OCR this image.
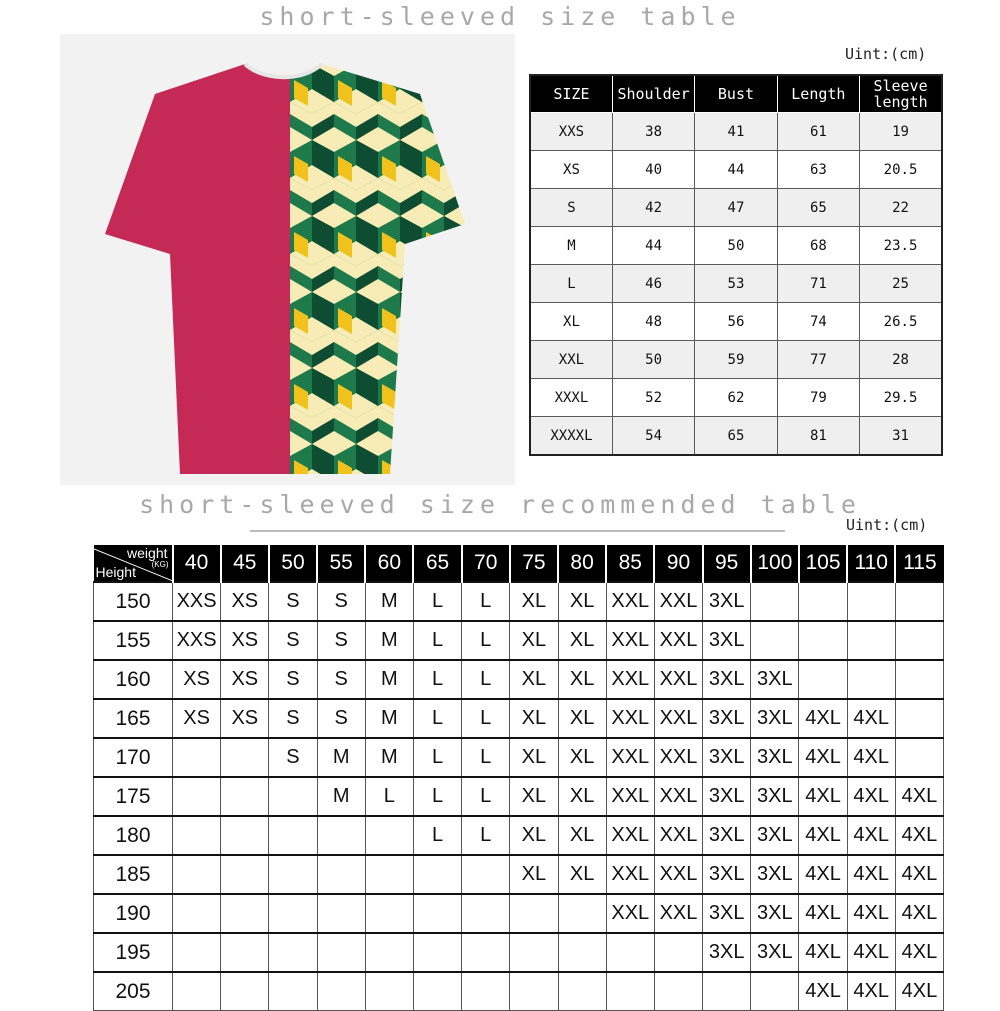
short-sleeved size table
Uint:(cm)
SIZE	Shoulder	Bust	Length	Sleeve length
XXS	38	41	61	19
XS	40	44	63	20.5
S	42	47	65	22
M	44	50	68	23.5
L	46	53	71	25
XL	48	56	74	26.5
XXL	50	59	77	28
XXXL	52	62	79	29.5
XXXXL	54	65	81	31
short-sleeved size recommended table
Uint:(cm)
weight
(KG)
Height	40	45	50	55	60	65	70	75	80	85	90	95	100	105	110	115
150	XXS	XS	S	S	M	L	L	XL	XL	XXL	XXL	3XL				
155	XXS	XS	S	S	M	L	L	XL	XL	XXL	XXL	3XL				
160	XS	XS	S	S	M	L	L	XL	XL	XXL	XXL	3XL	3XL			
165	XS	XS	S	S	M	L	L	XL	XL	XXL	XXL	3XL	3XL	4XL	4XL	
170			S	M	M	L	L	XL	XL	XXL	XXL	3XL	3XL	4XL	4XL	
175				M	L	L	L	XL	XL	XXL	XXL	3XL	3XL	4XL	4XL	4XL
180						L	L	XL	XL	XXL	XXL	3XL	3XL	4XL	4XL	4XL
185								XL	XL	XXL	XXL	3XL	3XL	4XL	4XL	4XL
190										XXL	XXL	3XL	3XL	4XL	4XL	4XL
195												3XL	3XL	4XL	4XL	4XL
205														4XL	4XL	4XL
